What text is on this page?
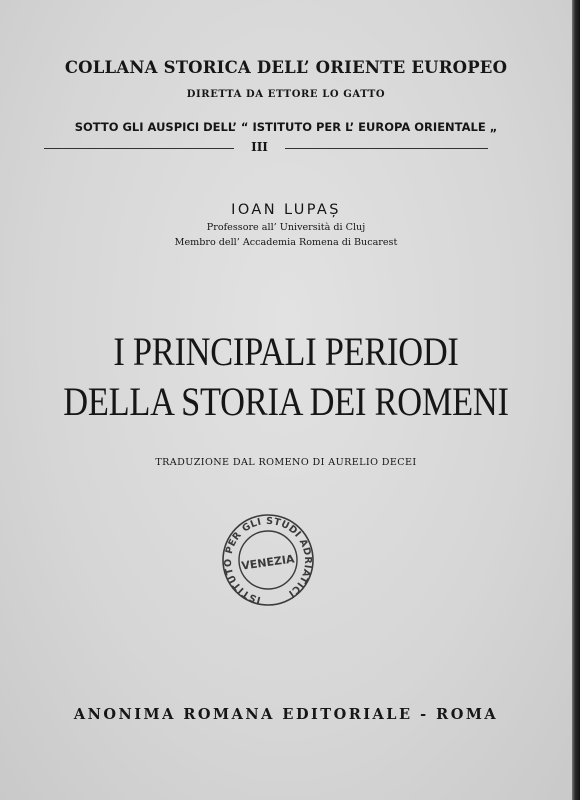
COLLANA STORICA DELL’ ORIENTE EUROPEO
DIRETTA DA ETTORE LO GATTO
SOTTO GLI AUSPICI DELL’ “ ISTITUTO PER L’ EUROPA ORIENTALE „
III
IOAN LUPAȘ
Professore all’ Università di Cluj
Membro dell’ Accademia Romena di Bucarest
I PRINCIPALI PERIODI
DELLA STORIA DEI ROMENI
TRADUZIONE DAL ROMENO DI AURELIO DECEI
ISTITUTO PER GLI STUDI ADRIATICI
VENEZIA
ANONIMA ROMANA EDITORIALE - ROMA
